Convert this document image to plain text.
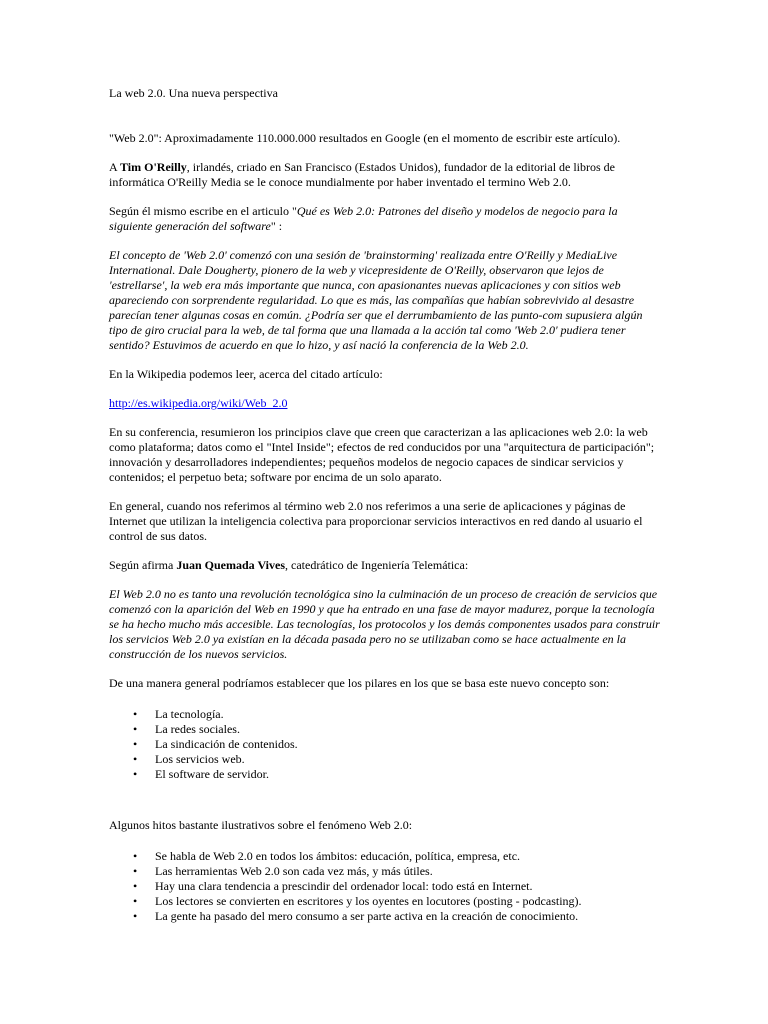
La web 2.0. Una nueva perspectiva

"Web 2.0": Aproximadamente 110.000.000 resultados en Google (en el momento de escribir este artículo).

A Tim O'Reilly, irlandés, criado en San Francisco (Estados Unidos), fundador de la editorial de libros de informática O'Reilly Media se le conoce mundialmente por haber inventado el termino Web 2.0.

Según él mismo escribe en el articulo "Qué es Web 2.0: Patrones del diseño y modelos de negocio para la siguiente generación del software" :

El concepto de 'Web 2.0' comenzó con una sesión de 'brainstorming' realizada entre O'Reilly y MediaLive International. Dale Dougherty, pionero de la web y vicepresidente de O'Reilly, observaron que lejos de 'estrellarse', la web era más importante que nunca, con apasionantes nuevas aplicaciones y con sitios web apareciendo con sorprendente regularidad. Lo que es más, las compañías que habían sobrevivido al desastre parecían tener algunas cosas en común. ¿Podría ser que el derrumbamiento de las punto-com supusiera algún tipo de giro crucial para la web, de tal forma que una llamada a la acción tal como 'Web 2.0' pudiera tener sentido? Estuvimos de acuerdo en que lo hizo, y así nació la conferencia de la Web 2.0.

En la Wikipedia podemos leer, acerca del citado artículo:

http://es.wikipedia.org/wiki/Web_2.0

En su conferencia, resumieron los principios clave que creen que caracterizan a las aplicaciones web 2.0: la web como plataforma; datos como el "Intel Inside"; efectos de red conducidos por una "arquitectura de participación"; innovación y desarrolladores independientes; pequeños modelos de negocio capaces de sindicar servicios y contenidos; el perpetuo beta; software por encima de un solo aparato.

En general, cuando nos referimos al término web 2.0 nos referimos a una serie de aplicaciones y páginas de Internet que utilizan la inteligencia colectiva para proporcionar servicios interactivos en red dando al usuario el control de sus datos.

Según afirma Juan Quemada Vives, catedrático de Ingeniería Telemática:

El Web 2.0 no es tanto una revolución tecnológica sino la culminación de un proceso de creación de servicios que comenzó con la aparición del Web en 1990 y que ha entrado en una fase de mayor madurez, porque la tecnología se ha hecho mucho más accesible. Las tecnologías, los protocolos y los demás componentes usados para construir los servicios Web 2.0 ya existían en la década pasada pero no se utilizaban como se hace actualmente en la construcción de los nuevos servicios.

De una manera general podríamos establecer que los pilares en los que se basa este nuevo concepto son:

• La tecnología.
• La redes sociales.
• La sindicación de contenidos.
• Los servicios web.
• El software de servidor.

Algunos hitos bastante ilustrativos sobre el fenómeno Web 2.0:

• Se habla de Web 2.0 en todos los ámbitos: educación, política, empresa, etc.
• Las herramientas Web 2.0 son cada vez más, y más útiles.
• Hay una clara tendencia a prescindir del ordenador local: todo está en Internet.
• Los lectores se convierten en escritores y los oyentes en locutores (posting - podcasting).
• La gente ha pasado del mero consumo a ser parte activa en la creación de conocimiento.
